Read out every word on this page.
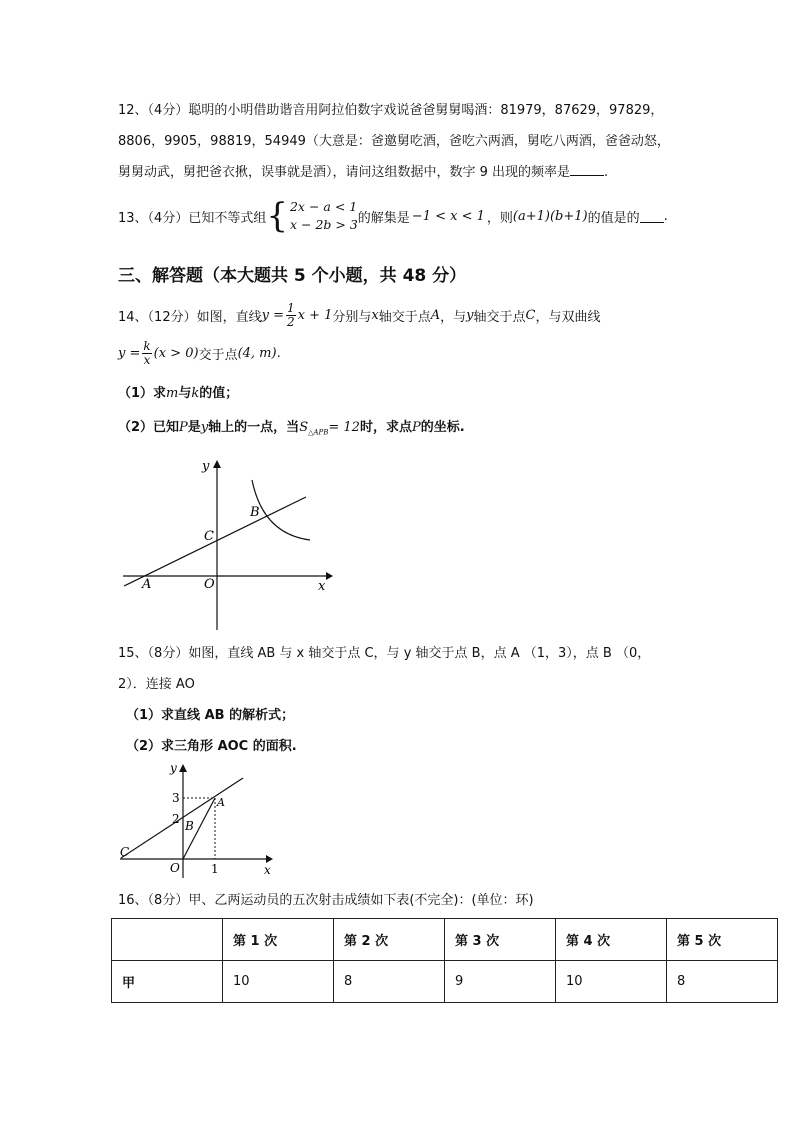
12、（4分）聪明的小明借助谐音用阿拉伯数字戏说爸爸舅舅喝酒：81979，87629，97829，
8806，9905，98819，54949（大意是：爸邀舅吃酒，爸吃六两酒，舅吃八两酒，爸爸动怒，
舅舅动武，舅把爸衣揪，误事就是酒），请问这组数据中，数字 9 出现的频率是	.
13、（4分）已知不等式组 { 2x − a < 1
x − 2b > 3 的解集是 −1 < x < 1 ，则 (a+1)(b+1) 的值是的 .
三、解答题（本大题共 5 个小题，共 48 分）
14、（12分）如图，直线 $y = \frac{1}{2}$ x + 1 分别与 x 轴交于点 A ，与 y 轴交于点 C ，与双曲线
$y = \frac{k}{x} (x > 0)$ 交于点 (4, m) .
（1）求m与k的值；
（2）已知P是y轴上的一点，当$S_{\triangle APB}= 12$时，求点P的坐标.
y
x
A	O
C
B
15、（8分）如图，直线 AB 与 x 轴交于点 C，与 y 轴交于点 B，点 A （1，3），点 B （0，
2）．连接 AO
（1）求直线 AB 的解析式；
（2）求三角形 AOC 的面积.
y
x
C
O
B
A
3
2
1
16、（8分）甲、乙两运动员的五次射击成绩如下表(不完全)：(单位：环)
	第 1 次	第 2 次	第 3 次	第 4 次	第 5 次
甲	10	8	9	10	8
